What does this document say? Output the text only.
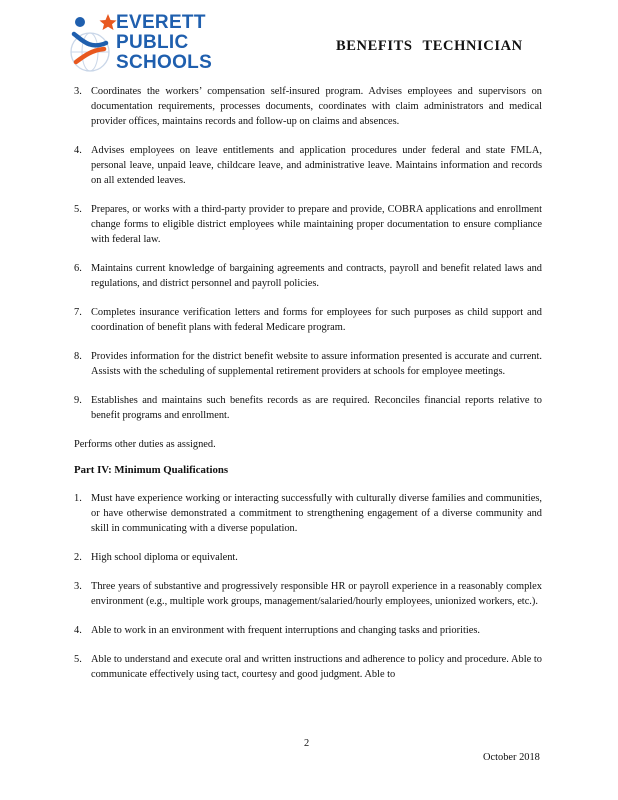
EVERETT
PUBLIC
SCHOOLS
BENEFITS TECHNICIAN
3. Coordinates the workers’ compensation self-insured program. Advises employees and supervisors on documentation requirements, processes documents, coordinates with claim administrators and medical provider offices, maintains records and follow-up on claims and absences.
4. Advises employees on leave entitlements and application procedures under federal and state FMLA, personal leave, unpaid leave, childcare leave, and administrative leave. Maintains information and records on all extended leaves.
5. Prepares, or works with a third-party provider to prepare and provide, COBRA applications and enrollment change forms to eligible district employees while maintaining proper documentation to ensure compliance with federal law.
6. Maintains current knowledge of bargaining agreements and contracts, payroll and benefit related laws and regulations, and district personnel and payroll policies.
7. Completes insurance verification letters and forms for employees for such purposes as child support and coordination of benefit plans with federal Medicare program.
8. Provides information for the district benefit website to assure information presented is accurate and current. Assists with the scheduling of supplemental retirement providers at schools for employee meetings.
9. Establishes and maintains such benefits records as are required. Reconciles financial reports relative to benefit programs and enrollment.

Performs other duties as assigned.

Part IV: Minimum Qualifications

1. Must have experience working or interacting successfully with culturally diverse families and communities, or have otherwise demonstrated a commitment to strengthening engagement of a diverse community and skill in communicating with a diverse population.
2. High school diploma or equivalent.
3. Three years of substantive and progressively responsible HR or payroll experience in a reasonably complex environment (e.g., multiple work groups, management/salaried/hourly employees, unionized workers, etc.).
4. Able to work in an environment with frequent interruptions and changing tasks and priorities.
5. Able to understand and execute oral and written instructions and adherence to policy and procedure. Able to communicate effectively using tact, courtesy and good judgment. Able to
2
October 2018
